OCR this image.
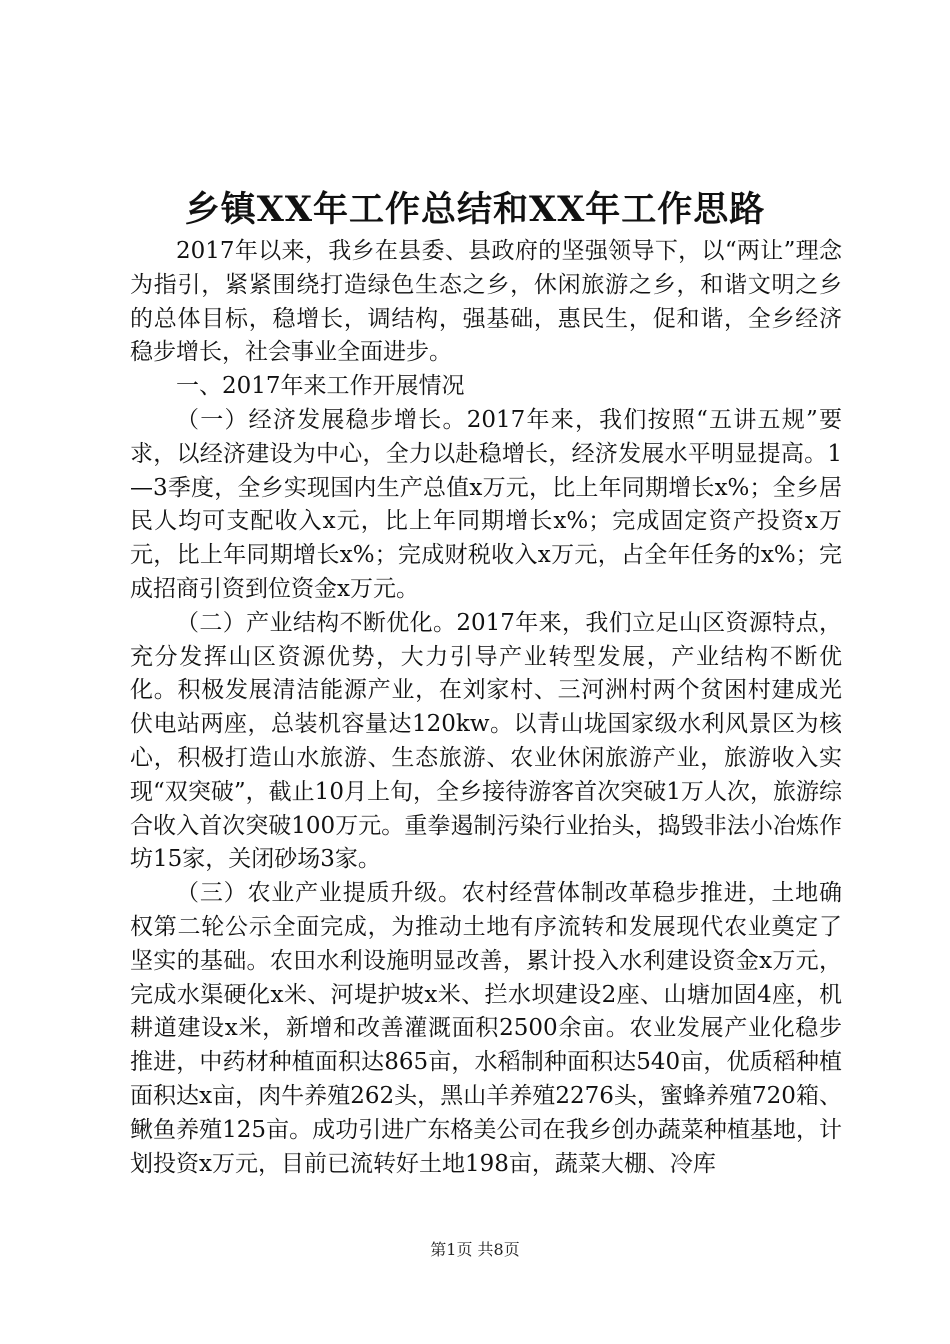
乡镇XX年工作总结和XX年工作思路

2017年以来，我乡在县委、县政府的坚强领导下，以“两让”理念为指引，紧紧围绕打造绿色生态之乡，休闲旅游之乡，和谐文明之乡的总体目标，稳增长，调结构，强基础，惠民生，促和谐，全乡经济稳步增长，社会事业全面进步。

一、2017年来工作开展情况

（一）经济发展稳步增长。2017年来，我们按照“五讲五规”要求，以经济建设为中心，全力以赴稳增长，经济发展水平明显提高。1—3季度，全乡实现国内生产总值x万元，比上年同期增长x%；全乡居民人均可支配收入x元，比上年同期增长x%；完成固定资产投资x万元，比上年同期增长x%；完成财税收入x万元，占全年任务的x%；完成招商引资到位资金x万元。

（二）产业结构不断优化。2017年来，我们立足山区资源特点，充分发挥山区资源优势，大力引导产业转型发展，产业结构不断优化。积极发展清洁能源产业，在刘家村、三河洲村两个贫困村建成光伏电站两座，总装机容量达120kw。以青山垅国家级水利风景区为核心，积极打造山水旅游、生态旅游、农业休闲旅游产业，旅游收入实现“双突破”，截止10月上旬，全乡接待游客首次突破1万人次，旅游综合收入首次突破100万元。重拳遏制污染行业抬头，捣毁非法小冶炼作坊15家，关闭砂场3家。

（三）农业产业提质升级。农村经营体制改革稳步推进，土地确权第二轮公示全面完成，为推动土地有序流转和发展现代农业奠定了坚实的基础。农田水利设施明显改善，累计投入水利建设资金x万元，完成水渠硬化x米、河堤护坡x米、拦水坝建设2座、山塘加固4座，机耕道建设x米，新增和改善灌溉面积2500余亩。农业发展产业化稳步推进，中药材种植面积达865亩，水稻制种面积达540亩，优质稻种植面积达x亩，肉牛养殖262头，黑山羊养殖2276头，蜜蜂养殖720箱、鳅鱼养殖125亩。成功引进广东格美公司在我乡创办蔬菜种植基地，计划投资x万元，目前已流转好土地198亩，蔬菜大棚、冷库

第1页 共8页
